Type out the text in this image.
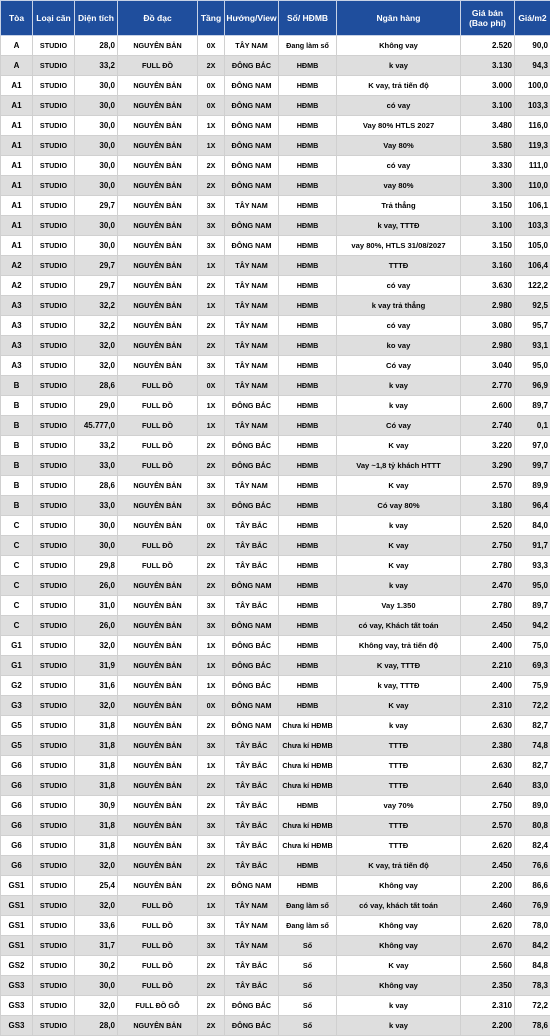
Tòa	Loại căn	Diện tích	Đồ đạc	Tầng	Hướng/View	Sổ/ HĐMB	Ngân hàng	Giá bán (Bao phí)	Giá/m2
A	STUDIO	28,0	NGUYÊN BẢN	0X	TÂY NAM	Đang làm sổ	Không vay	2.520	90,0
A	STUDIO	33,2	FULL ĐỒ	2X	ĐÔNG BẮC	HĐMB	k vay	3.130	94,3
A1	STUDIO	30,0	NGUYÊN BẢN	0X	ĐÔNG NAM	HĐMB	K vay, trả tiến độ	3.000	100,0
A1	STUDIO	30,0	NGUYÊN BẢN	0X	ĐÔNG NAM	HĐMB	có vay	3.100	103,3
A1	STUDIO	30,0	NGUYÊN BẢN	1X	ĐÔNG NAM	HĐMB	Vay 80% HTLS 2027	3.480	116,0
A1	STUDIO	30,0	NGUYÊN BẢN	1X	ĐÔNG NAM	HĐMB	Vay 80%	3.580	119,3
A1	STUDIO	30,0	NGUYÊN BẢN	2X	ĐÔNG NAM	HĐMB	có vay	3.330	111,0
A1	STUDIO	30,0	NGUYÊN BẢN	2X	ĐÔNG NAM	HĐMB	vay 80%	3.300	110,0
A1	STUDIO	29,7	NGUYÊN BẢN	3X	TÂY NAM	HĐMB	Trả thẳng	3.150	106,1
A1	STUDIO	30,0	NGUYÊN BẢN	3X	ĐÔNG NAM	HĐMB	k vay, TTTĐ	3.100	103,3
A1	STUDIO	30,0	NGUYÊN BẢN	3X	ĐÔNG NAM	HĐMB	vay 80%, HTLS 31/08/2027	3.150	105,0
A2	STUDIO	29,7	NGUYÊN BẢN	1X	TÂY NAM	HĐMB	TTTĐ	3.160	106,4
A2	STUDIO	29,7	NGUYÊN BẢN	2X	TÂY NAM	HĐMB	có vay	3.630	122,2
A3	STUDIO	32,2	NGUYÊN BẢN	1X	TÂY NAM	HĐMB	k vay trả thẳng	2.980	92,5
A3	STUDIO	32,2	NGUYÊN BẢN	2X	TÂY NAM	HĐMB	có vay	3.080	95,7
A3	STUDIO	32,0	NGUYÊN BẢN	2X	TÂY NAM	HĐMB	ko vay	2.980	93,1
A3	STUDIO	32,0	NGUYÊN BẢN	3X	TÂY NAM	HĐMB	Có vay	3.040	95,0
B	STUDIO	28,6	FULL ĐỒ	0X	TÂY NAM	HĐMB	k vay	2.770	96,9
B	STUDIO	29,0	FULL ĐỒ	1X	ĐÔNG BẮC	HĐMB	k vay	2.600	89,7
B	STUDIO	45.777,0	FULL ĐỒ	1X	TÂY NAM	HĐMB	Có vay	2.740	0,1
B	STUDIO	33,2	FULL ĐỒ	2X	ĐÔNG BẮC	HĐMB	K vay	3.220	97,0
B	STUDIO	33,0	FULL ĐỒ	2X	ĐÔNG BẮC	HĐMB	Vay ~1,8 tỷ khách HTTT	3.290	99,7
B	STUDIO	28,6	NGUYÊN BẢN	3X	TÂY NAM	HĐMB	K vay	2.570	89,9
B	STUDIO	33,0	NGUYÊN BẢN	3X	ĐÔNG BẮC	HĐMB	Có vay 80%	3.180	96,4
C	STUDIO	30,0	NGUYÊN BẢN	0X	TÂY BẮC	HĐMB	k vay	2.520	84,0
C	STUDIO	30,0	FULL ĐỒ	2X	TÂY BẮC	HĐMB	K vay	2.750	91,7
C	STUDIO	29,8	FULL ĐỒ	2X	TÂY BẮC	HĐMB	K vay	2.780	93,3
C	STUDIO	26,0	NGUYÊN BẢN	2X	ĐÔNG NAM	HĐMB	k vay	2.470	95,0
C	STUDIO	31,0	NGUYÊN BẢN	3X	TÂY BẮC	HĐMB	Vay 1.350	2.780	89,7
C	STUDIO	26,0	NGUYÊN BẢN	3X	ĐÔNG NAM	HĐMB	có vay, Khách tất toán	2.450	94,2
G1	STUDIO	32,0	NGUYÊN BẢN	1X	ĐÔNG BẮC	HĐMB	Không vay, trả tiến độ	2.400	75,0
G1	STUDIO	31,9	NGUYÊN BẢN	1X	ĐÔNG BẮC	HĐMB	K vay, TTTĐ	2.210	69,3
G2	STUDIO	31,6	NGUYÊN BẢN	1X	ĐÔNG BẮC	HĐMB	k vay, TTTĐ	2.400	75,9
G3	STUDIO	32,0	NGUYÊN BẢN	0X	ĐÔNG NAM	HĐMB	K vay	2.310	72,2
G5	STUDIO	31,8	NGUYÊN BẢN	2X	ĐÔNG NAM	Chưa kí HĐMB	k vay	2.630	82,7
G5	STUDIO	31,8	NGUYÊN BẢN	3X	TÂY BẮC	Chưa kí HĐMB	TTTĐ	2.380	74,8
G6	STUDIO	31,8	NGUYÊN BẢN	1X	TÂY BẮC	Chưa kí HĐMB	TTTĐ	2.630	82,7
G6	STUDIO	31,8	NGUYÊN BẢN	2X	TÂY BẮC	Chưa kí HĐMB	TTTĐ	2.640	83,0
G6	STUDIO	30,9	NGUYÊN BẢN	2X	TÂY BẮC	HĐMB	vay 70%	2.750	89,0
G6	STUDIO	31,8	NGUYÊN BẢN	3X	TÂY BẮC	Chưa kí HĐMB	TTTĐ	2.570	80,8
G6	STUDIO	31,8	NGUYÊN BẢN	3X	TÂY BẮC	Chưa kí HĐMB	TTTĐ	2.620	82,4
G6	STUDIO	32,0	NGUYÊN BẢN	2X	TÂY BẮC	HĐMB	K vay, trả tiến độ	2.450	76,6
GS1	STUDIO	25,4	NGUYÊN BẢN	2X	ĐÔNG NAM	HĐMB	Không vay	2.200	86,6
GS1	STUDIO	32,0	FULL ĐỒ	1X	TÂY NAM	Đang làm sổ	có vay, khách tất toán	2.460	76,9
GS1	STUDIO	33,6	FULL ĐỒ	3X	TÂY NAM	Đang làm sổ	Không vay	2.620	78,0
GS1	STUDIO	31,7	FULL ĐỒ	3X	TÂY NAM	Sổ	Không vay	2.670	84,2
GS2	STUDIO	30,2	FULL ĐỒ	2X	TÂY BẮC	Sổ	K vay	2.560	84,8
GS3	STUDIO	30,0	FULL ĐỒ	2X	TÂY BẮC	Sổ	Không vay	2.350	78,3
GS3	STUDIO	32,0	FULL ĐỒ GỖ	2X	ĐÔNG BẮC	Sổ	k vay	2.310	72,2
GS3	STUDIO	28,0	NGUYÊN BẢN	2X	ĐÔNG BẮC	Sổ	k vay	2.200	78,6
